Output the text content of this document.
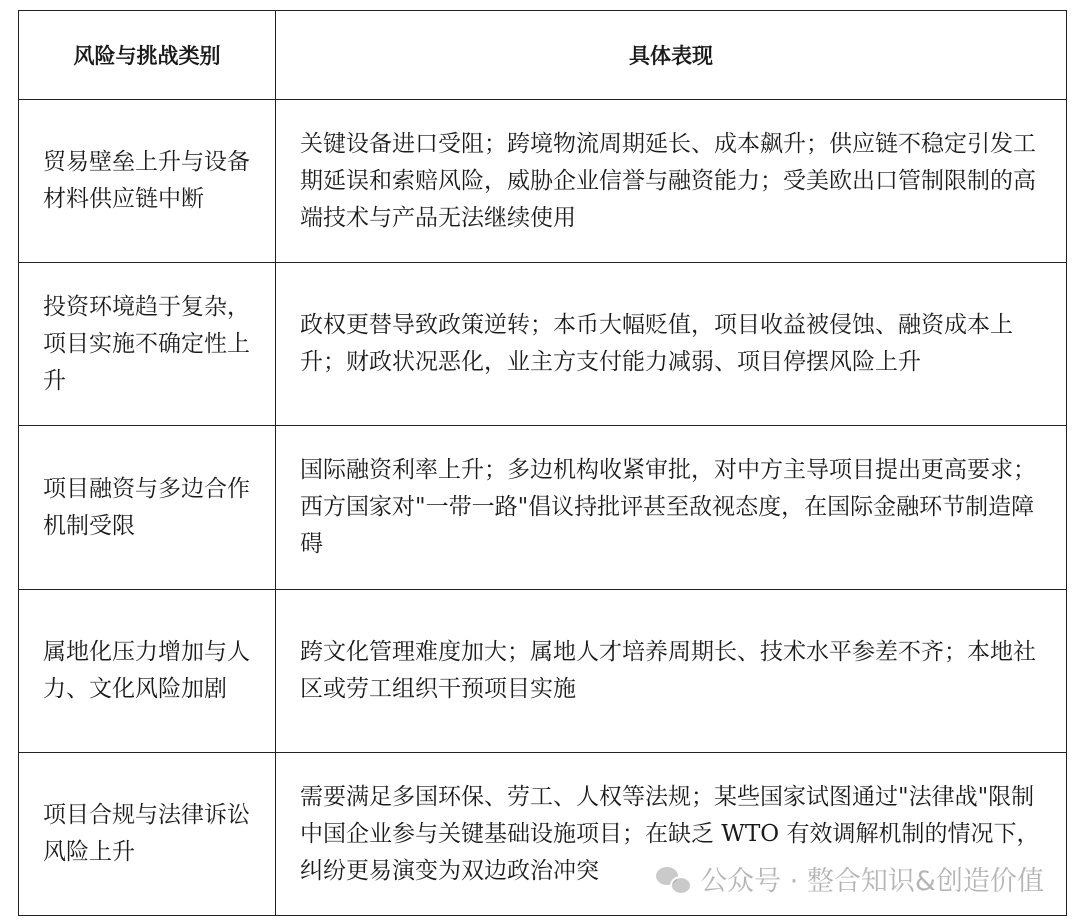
风险与挑战类别	具体表现
贸易壁垒上升与设备材料供应链中断	关键设备进口受阻；跨境物流周期延长、成本飙升；供应链不稳定引发工期延误和索赔风险，威胁企业信誉与融资能力；受美欧出口管制限制的高端技术与产品无法继续使用
投资环境趋于复杂，项目实施不确定性上升	政权更替导致政策逆转；本币大幅贬值，项目收益被侵蚀、融资成本上升；财政状况恶化，业主方支付能力减弱、项目停摆风险上升
项目融资与多边合作机制受限	国际融资利率上升；多边机构收紧审批，对中方主导项目提出更高要求；西方国家对"一带一路"倡议持批评甚至敌视态度，在国际金融环节制造障碍
属地化压力增加与人力、文化风险加剧	跨文化管理难度加大；属地人才培养周期长、技术水平参差不齐；本地社区或劳工组织干预项目实施
项目合规与法律诉讼风险上升	需要满足多国环保、劳工、人权等法规；某些国家试图通过"法律战"限制中国企业参与关键基础设施项目；在缺乏 WTO 有效调解机制的情况下，纠纷更易演变为双边政治冲突	公众号 · 整合知识&创造价值
